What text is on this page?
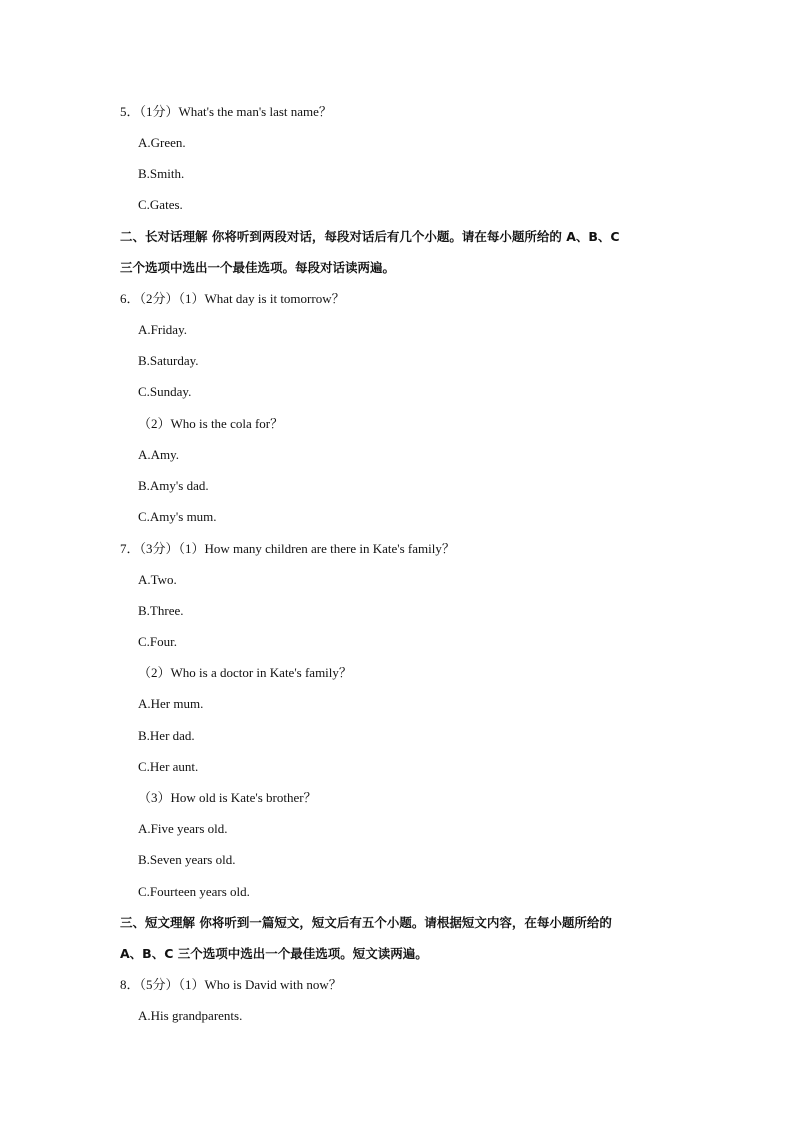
5．（1分）What's the man's last name？
A.Green.
B.Smith.
C.Gates.
二、长对话理解 你将听到两段对话，每段对话后有几个小题。请在每小题所给的 A、B、C
三个选项中选出一个最佳选项。每段对话读两遍。
6．（2分）（1）What day is it tomorrow？
A.Friday.
B.Saturday.
C.Sunday.
（2）Who is the cola for？
A.Amy.
B.Amy's dad.
C.Amy's mum.
7．（3分）（1）How many children are there in Kate's family？
A.Two.
B.Three.
C.Four.
（2）Who is a doctor in Kate's family？
A.Her mum.
B.Her dad.
C.Her aunt.
（3）How old is Kate's brother？
A.Five years old.
B.Seven years old.
C.Fourteen years old.
三、短文理解 你将听到一篇短文，短文后有五个小题。请根据短文内容，在每小题所给的
A、B、C 三个选项中选出一个最佳选项。短文读两遍。
8．（5分）（1）Who is David with now？
A.His grandparents.
